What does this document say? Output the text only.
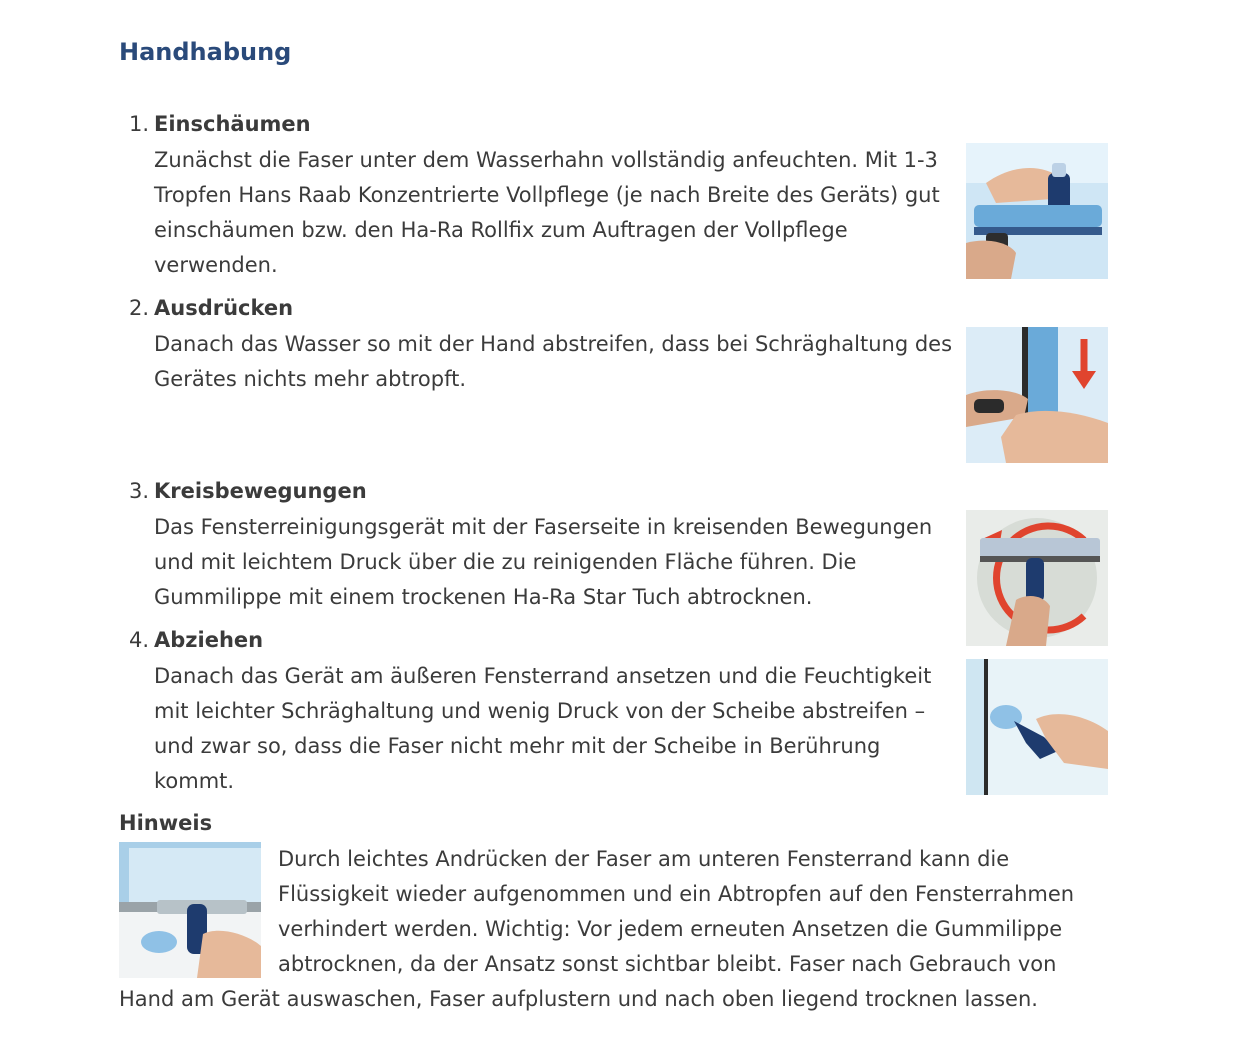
Handhabung
1. Einschäumen
Zunächst die Faser unter dem Wasserhahn vollständig anfeuchten. Mit 1-3
Tropfen Hans Raab Konzentrierte Vollpflege (je nach Breite des Geräts) gut
einschäumen bzw. den Ha-Ra Rollfix zum Auftragen der Vollpflege
verwenden.
2. Ausdrücken
Danach das Wasser so mit der Hand abstreifen, dass bei Schräghaltung des
Gerätes nichts mehr abtropft.
3. Kreisbewegungen
Das Fensterreinigungsgerät mit der Faserseite in kreisenden Bewegungen
und mit leichtem Druck über die zu reinigenden Fläche führen. Die
Gummilippe mit einem trockenen Ha-Ra Star Tuch abtrocknen.
4. Abziehen
Danach das Gerät am äußeren Fensterrand ansetzen und die Feuchtigkeit
mit leichter Schräghaltung und wenig Druck von der Scheibe abstreifen –
und zwar so, dass die Faser nicht mehr mit der Scheibe in Berührung
kommt.
Hinweis
Durch leichtes Andrücken der Faser am unteren Fensterrand kann die
Flüssigkeit wieder aufgenommen und ein Abtropfen auf den Fensterrahmen
verhindert werden. Wichtig: Vor jedem erneuten Ansetzen die Gummilippe
abtrocknen, da der Ansatz sonst sichtbar bleibt. Faser nach Gebrauch von
Hand am Gerät auswaschen, Faser aufplustern und nach oben liegend trocknen lassen.
